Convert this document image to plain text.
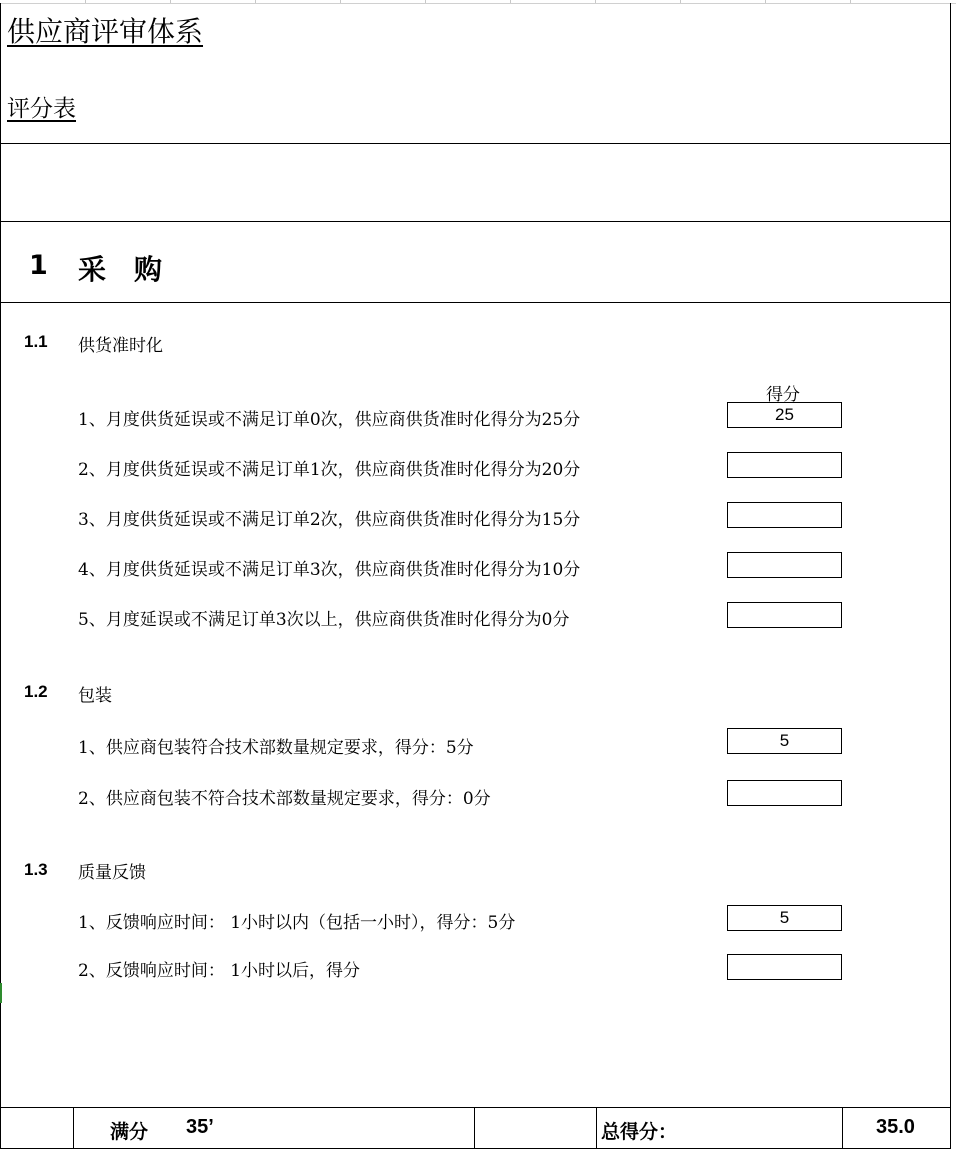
供应商评审体系
评分表
1 采购
1.1 供货准时化
得分
1、月度供货延误或不满足订单0次，供应商供货准时化得分为25分	25
2、月度供货延误或不满足订单1次，供应商供货准时化得分为20分
3、月度供货延误或不满足订单2次，供应商供货准时化得分为15分
4、月度供货延误或不满足订单3次，供应商供货准时化得分为10分
5、月度延误或不满足订单3次以上，供应商供货准时化得分为0分
1.2 包装
1、供应商包装符合技术部数量规定要求，得分：5分	5
2、供应商包装不符合技术部数量规定要求，得分：0分
1.3 质量反馈
1、反馈响应时间： 1小时以内（包括一小时），得分：5分	5
2、反馈响应时间： 1小时以后，得分
满分 35’	总得分：	35.0
